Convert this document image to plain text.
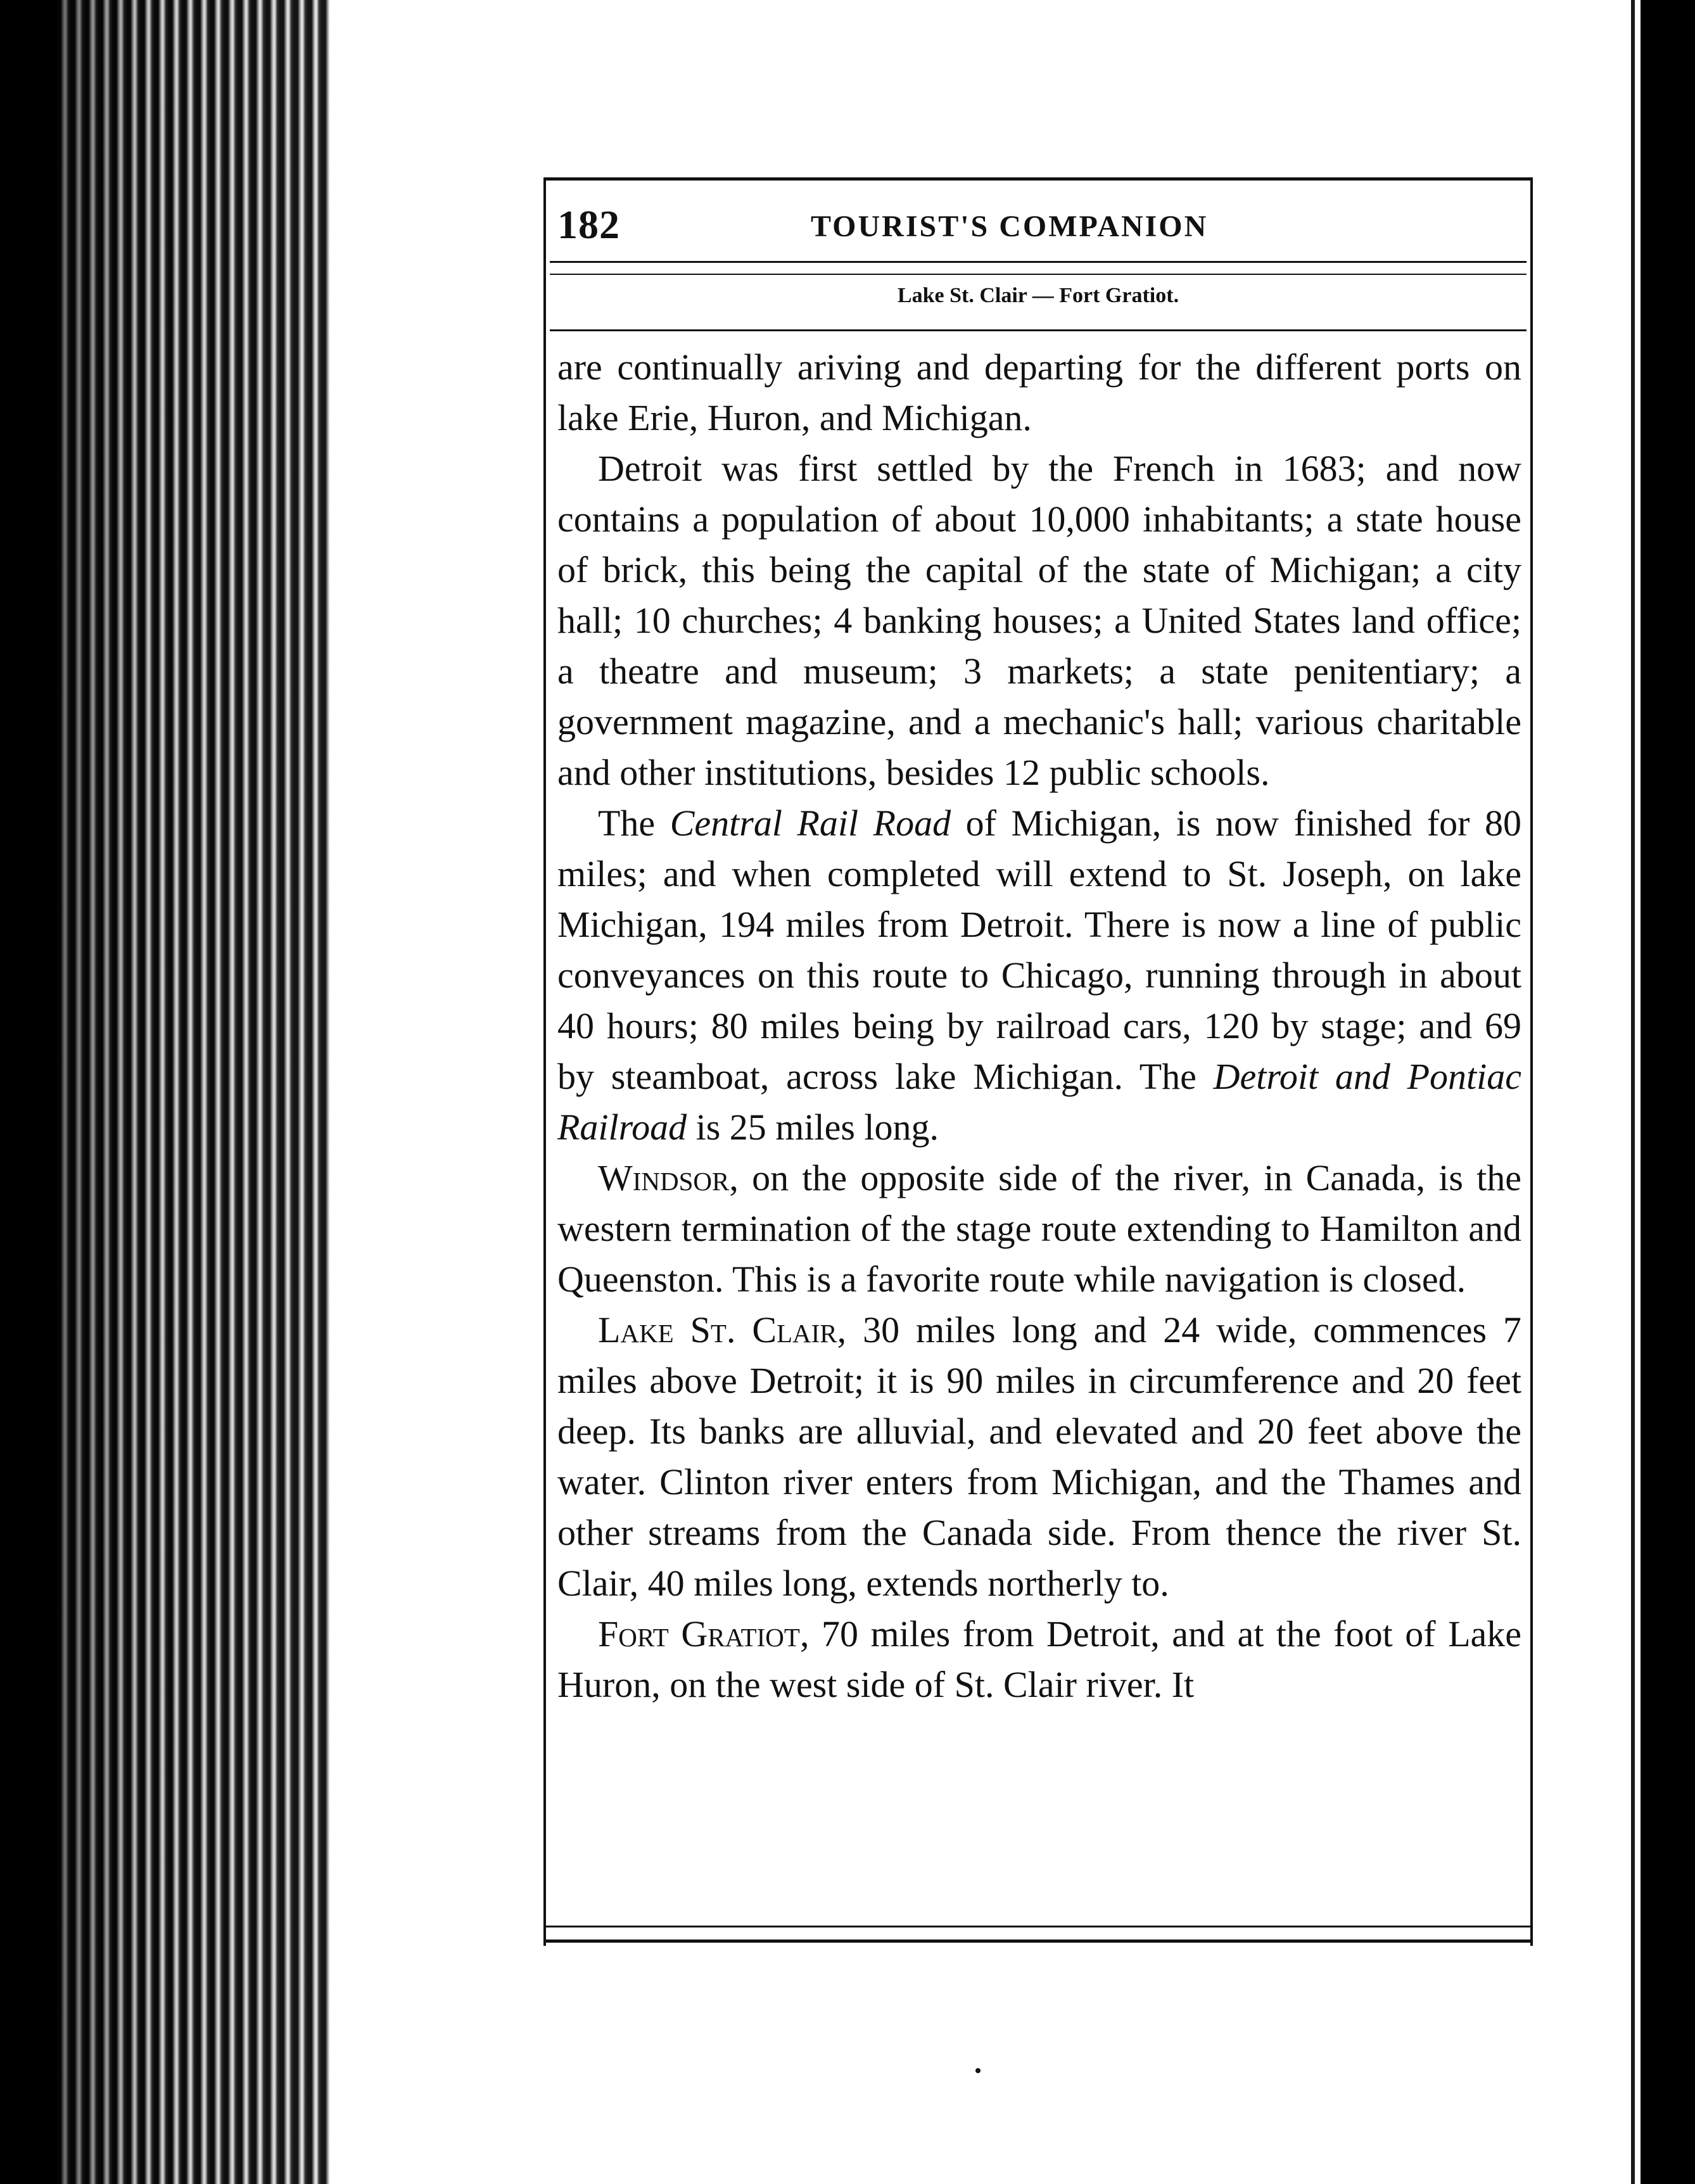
182	TOURIST'S COMPANION
Lake St. Clair — Fort Gratiot.

are continually ariving and departing for the different ports on lake Erie, Huron, and Michigan.

Detroit was first settled by the French in 1683; and now contains a population of about 10,000 inhabitants; a state house of brick, this being the capital of the state of Michigan; a city hall; 10 churches; 4 banking houses; a United States land office; a theatre and museum; 3 markets; a state penitentiary; a government magazine, and a mechanic's hall; various charitable and other institutions, besides 12 public schools.

The Central Rail Road of Michigan, is now finished for 80 miles; and when completed will extend to St. Joseph, on lake Michigan, 194 miles from Detroit. There is now a line of public conveyances on this route to Chicago, running through in about 40 hours; 80 miles being by railroad cars, 120 by stage; and 69 by steamboat, across lake Michigan. The Detroit and Pontiac Railroad is 25 miles long.

Windsor, on the opposite side of the river, in Canada, is the western termination of the stage route extending to Hamilton and Queenston. This is a favorite route while navigation is closed.

Lake St. Clair, 30 miles long and 24 wide, commences 7 miles above Detroit; it is 90 miles in circumference and 20 feet deep. Its banks are alluvial, and elevated and 20 feet above the water. Clinton river enters from Michigan, and the Thames and other streams from the Canada side. From thence the river St. Clair, 40 miles long, extends northerly to.

Fort Gratiot, 70 miles from Detroit, and at the foot of Lake Huron, on the west side of St. Clair river. It
